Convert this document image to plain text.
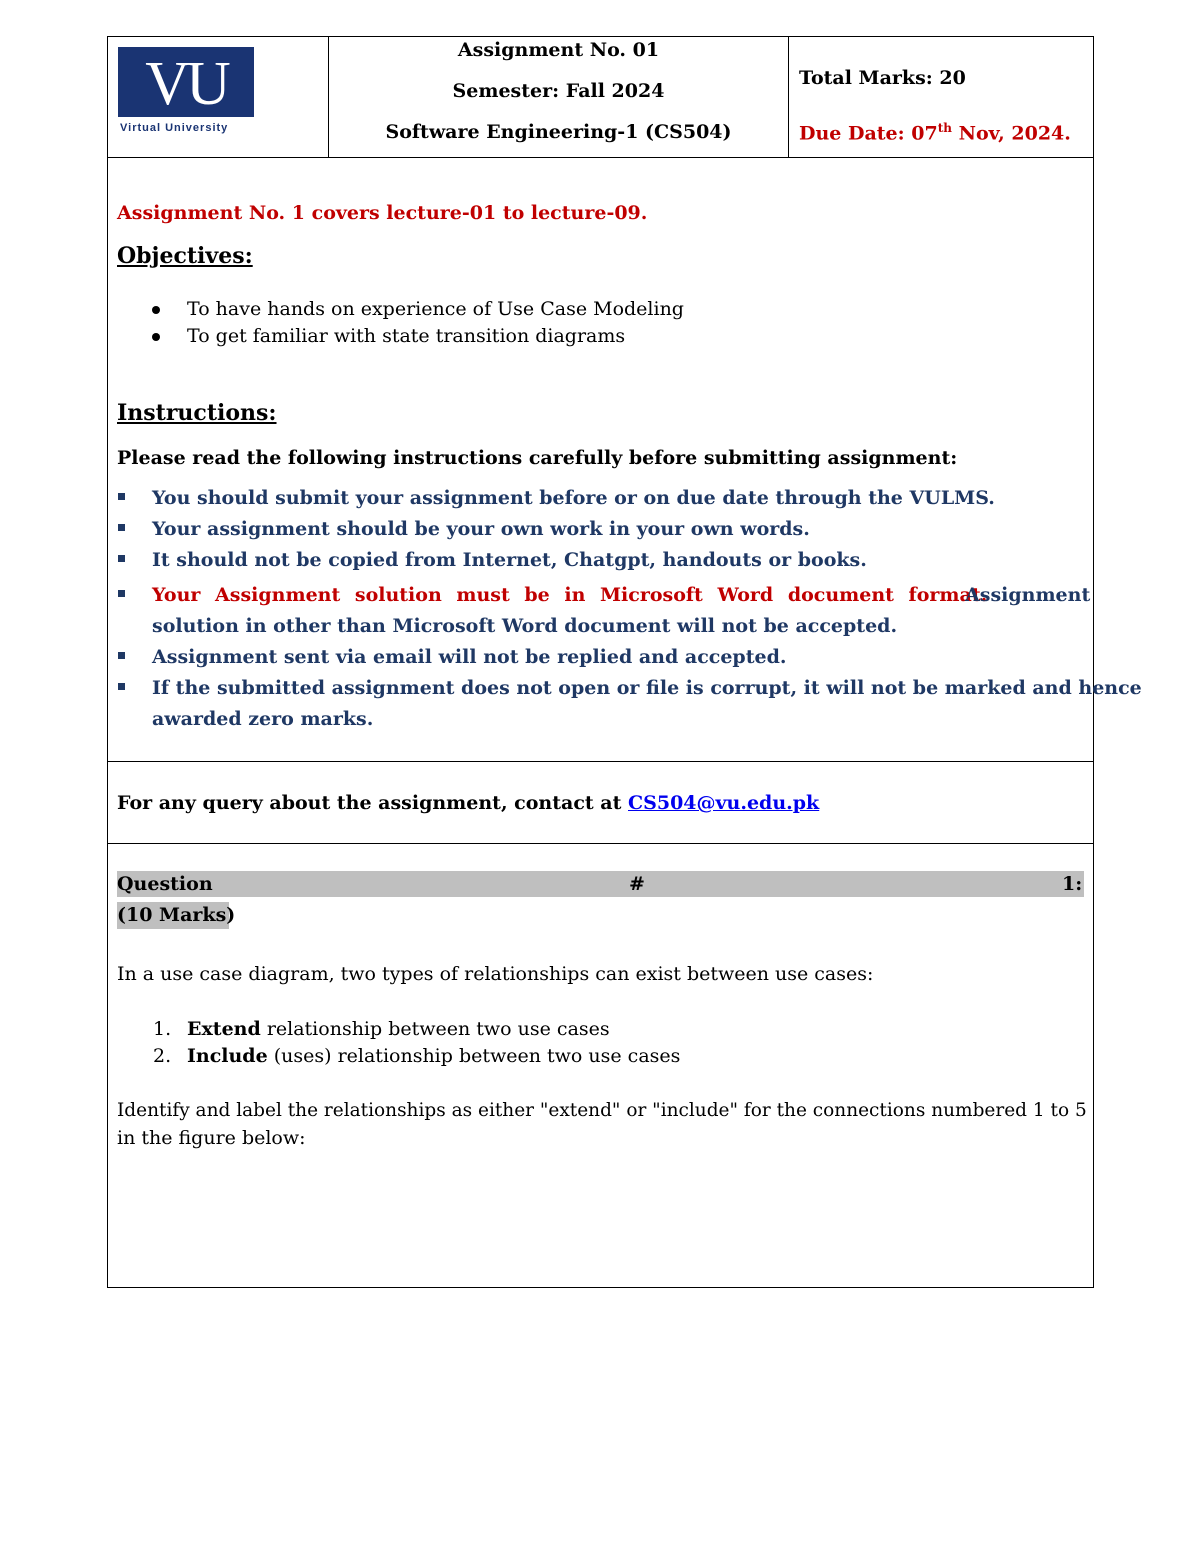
VU
Virtual University
Assignment No. 01
Semester: Fall 2024
Software Engineering-1 (CS504)
Total Marks: 20
Due Date: 07th Nov, 2024.
Assignment No. 1 covers lecture-01 to lecture-09.
Objectives:
To have hands on experience of Use Case Modeling
To get familiar with state transition diagrams
Instructions:
Please read the following instructions carefully before submitting assignment:
You should submit your assignment before or on due date through the VULMS.
Your assignment should be your own work in your own words.
It should not be copied from Internet, Chatgpt, handouts or books.
Your Assignment solution must be in Microsoft Word document format.
Assignment
solution in other than Microsoft Word document will not be accepted.
Assignment sent via email will not be replied and accepted.
If the submitted assignment does not open or file is corrupt, it will not be marked and hence
awarded zero marks.
For any query about the assignment, contact at CS504@vu.edu.pk
Question	#	1:
(10 Marks)
In a use case diagram, two types of relationships can exist between use cases:
1. Extend relationship between two use cases
2. Include (uses) relationship between two use cases
Identify and label the relationships as either "extend" or "include" for the connections numbered 1 to 5
in the figure below:
